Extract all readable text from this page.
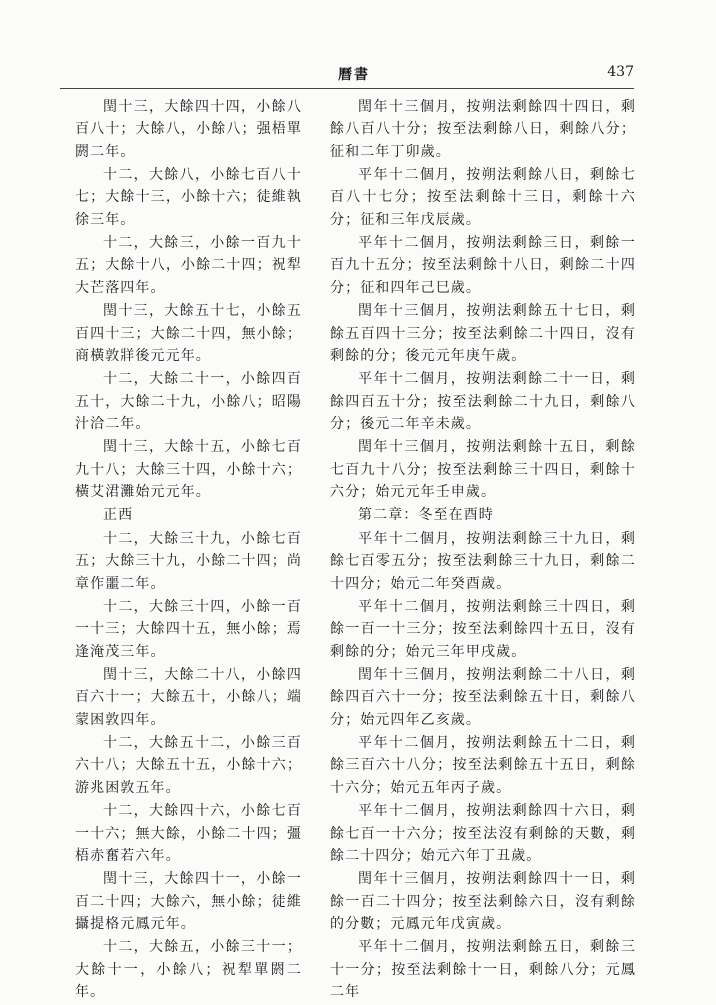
曆書	437

閏十三，大餘四十四，小餘八百八十；大餘八，小餘八；强梧單閼二年。

十二，大餘八，小餘七百八十七；大餘十三，小餘十六；徒維執徐三年。

十二，大餘三，小餘一百九十五；大餘十八，小餘二十四；祝犁大芒落四年。

閏十三，大餘五十七，小餘五百四十三；大餘二十四，無小餘；商橫敦牂後元元年。

十二，大餘二十一，小餘四百五十，大餘二十九，小餘八；昭陽汁洽二年。

閏十三，大餘十五，小餘七百九十八；大餘三十四，小餘十六；橫艾涒灘始元元年。

正西

十二，大餘三十九，小餘七百五；大餘三十九，小餘二十四；尚章作噩二年。

十二，大餘三十四，小餘一百一十三；大餘四十五，無小餘；焉逢淹茂三年。

閏十三，大餘二十八，小餘四百六十一；大餘五十，小餘八；端蒙困敦四年。

十二，大餘五十二，小餘三百六十八；大餘五十五，小餘十六；游兆困敦五年。

十二，大餘四十六，小餘七百一十六；無大餘，小餘二十四；彊梧赤奮若六年。

閏十三，大餘四十一，小餘一百二十四；大餘六，無小餘；徒維攝提格元鳳元年。

十二，大餘五，小餘三十一；大餘十一，小餘八；祝犁單閼二年。

閏年十三個月，按朔法剩餘四十四日，剩餘八百八十分；按至法剩餘八日，剩餘八分；征和二年丁卯歲。

平年十二個月，按朔法剩餘八日，剩餘七百八十七分；按至法剩餘十三日，剩餘十六分；征和三年戊辰歲。

平年十二個月，按朔法剩餘三日，剩餘一百九十五分；按至法剩餘十八日，剩餘二十四分；征和四年己巳歲。

閏年十三個月，按朔法剩餘五十七日，剩餘五百四十三分；按至法剩餘二十四日，沒有剩餘的分；後元元年庚午歲。

平年十二個月，按朔法剩餘二十一日，剩餘四百五十分；按至法剩餘二十九日，剩餘八分；後元二年辛未歲。

閏年十三個月，按朔法剩餘十五日，剩餘七百九十八分；按至法剩餘三十四日，剩餘十六分；始元元年壬申歲。

第二章：冬至在酉時

平年十二個月，按朔法剩餘三十九日，剩餘七百零五分；按至法剩餘三十九日，剩餘二十四分；始元二年癸酉歲。

平年十二個月，按朔法剩餘三十四日，剩餘一百一十三分；按至法剩餘四十五日，沒有剩餘的分；始元三年甲戌歲。

閏年十三個月，按朔法剩餘二十八日，剩餘四百六十一分；按至法剩餘五十日，剩餘八分；始元四年乙亥歲。

平年十二個月，按朔法剩餘五十二日，剩餘三百六十八分；按至法剩餘五十五日，剩餘十六分；始元五年丙子歲。

平年十二個月，按朔法剩餘四十六日，剩餘七百一十六分；按至法沒有剩餘的天數，剩餘二十四分；始元六年丁丑歲。

閏年十三個月，按朔法剩餘四十一日，剩餘一百二十四分；按至法剩餘六日，沒有剩餘的分數；元鳳元年戊寅歲。

平年十二個月，按朔法剩餘五日，剩餘三十一分；按至法剩餘十一日，剩餘八分；元鳳二年
